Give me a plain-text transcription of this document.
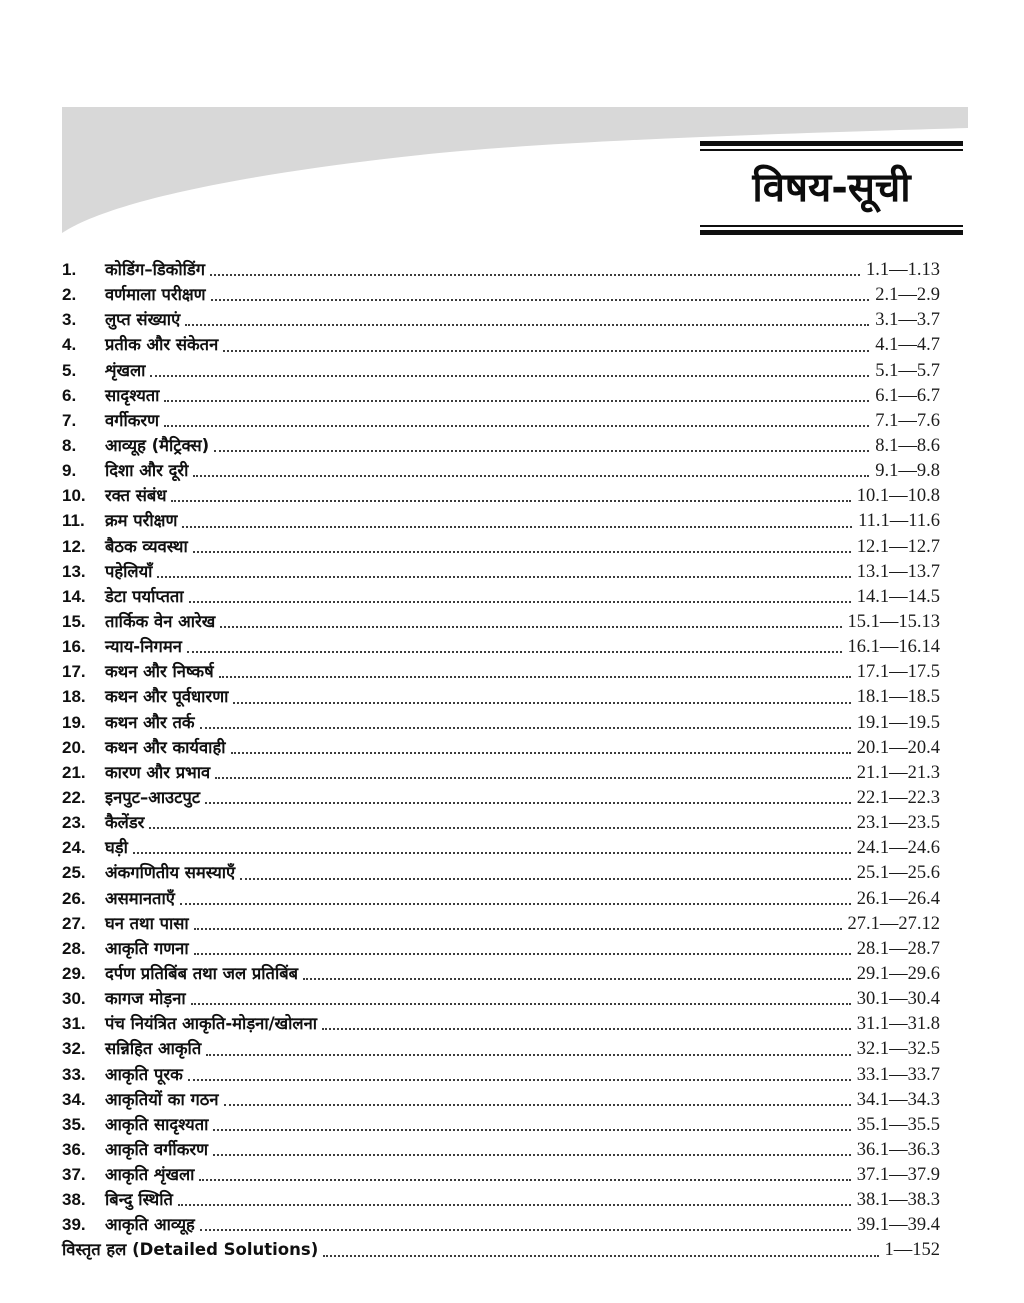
विषय-सूची
1.	कोडिंग–डिकोडिंग	1.1—1.13
2.	वर्णमाला परीक्षण	2.1—2.9
3.	लुप्त संख्याएं	3.1—3.7
4.	प्रतीक और संकेतन	4.1—4.7
5.	शृंखला	5.1—5.7
6.	सादृश्यता	6.1—6.7
7.	वर्गीकरण	7.1—7.6
8.	आव्यूह (मैट्रिक्स)	8.1—8.6
9.	दिशा और दूरी	9.1—9.8
10.	रक्त संबंध	10.1—10.8
11.	क्रम परीक्षण	11.1—11.6
12.	बैठक व्यवस्था	12.1—12.7
13.	पहेलियाँ	13.1—13.7
14.	डेटा पर्याप्तता	14.1—14.5
15.	तार्किक वेन आरेख	15.1—15.13
16.	न्याय-निगमन	16.1—16.14
17.	कथन और निष्कर्ष	17.1—17.5
18.	कथन और पूर्वधारणा	18.1—18.5
19.	कथन और तर्क	19.1—19.5
20.	कथन और कार्यवाही	20.1—20.4
21.	कारण और प्रभाव	21.1—21.3
22.	इनपुट–आउटपुट	22.1—22.3
23.	कैलेंडर	23.1—23.5
24.	घड़ी	24.1—24.6
25.	अंकगणितीय समस्याएँ	25.1—25.6
26.	असमानताएँ	26.1—26.4
27.	घन तथा पासा	27.1—27.12
28.	आकृति गणना	28.1—28.7
29.	दर्पण प्रतिबिंब तथा जल प्रतिबिंब	29.1—29.6
30.	कागज मोड़ना	30.1—30.4
31.	पंच नियंत्रित आकृति-मोड़ना/खोलना	31.1—31.8
32.	सन्निहित आकृति	32.1—32.5
33.	आकृति पूरक	33.1—33.7
34.	आकृतियों का गठन	34.1—34.3
35.	आकृति सादृश्यता	35.1—35.5
36.	आकृति वर्गीकरण	36.1—36.3
37.	आकृति शृंखला	37.1—37.9
38.	बिन्दु स्थिति	38.1—38.3
39.	आकृति आव्यूह	39.1—39.4
विस्तृत हल (Detailed Solutions)	1—152
